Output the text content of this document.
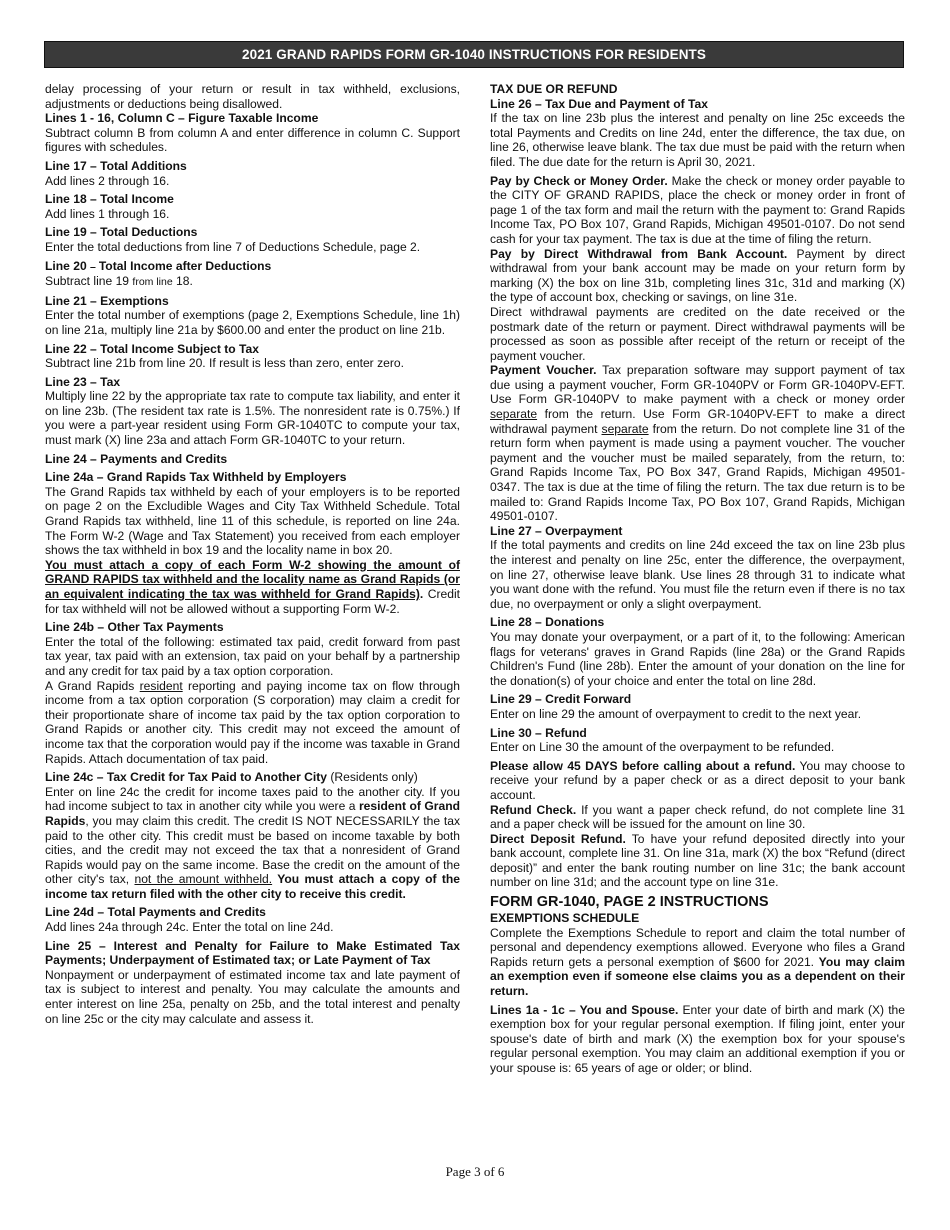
2021 GRAND RAPIDS FORM GR-1040 INSTRUCTIONS FOR RESIDENTS

delay processing of your return or result in tax withheld, exclusions, adjustments or deductions being disallowed.

Lines 1 - 16, Column C – Figure Taxable Income

Subtract column B from column A and enter difference in column C. Support figures with schedules.

Line 17 – Total Additions

Add lines 2 through 16.

Line 18 – Total Income

Add lines 1 through 16.

Line 19 – Total Deductions

Enter the total deductions from line 7 of Deductions Schedule, page 2.

Line 20 – Total Income after Deductions

Subtract line 19 from line 18.

Line 21 – Exemptions

Enter the total number of exemptions (page 2, Exemptions Schedule, line 1h) on line 21a, multiply line 21a by $600.00 and enter the product on line 21b.

Line 22 – Total Income Subject to Tax

Subtract line 21b from line 20. If result is less than zero, enter zero.

Line 23 – Tax

Multiply line 22 by the appropriate tax rate to compute tax liability, and enter it on line 23b. (The resident tax rate is 1.5%. The nonresident rate is 0.75%.) If you were a part-year resident using Form GR-1040TC to compute your tax, must mark (X) line 23a and attach Form GR-1040TC to your return.

Line 24 – Payments and Credits

Line 24a – Grand Rapids Tax Withheld by Employers

The Grand Rapids tax withheld by each of your employers is to be reported on page 2 on the Excludible Wages and City Tax Withheld Schedule. Total Grand Rapids tax withheld, line 11 of this schedule, is reported on line 24a. The Form W-2 (Wage and Tax Statement) you received from each employer shows the tax withheld in box 19 and the locality name in box 20.

You must attach a copy of each Form W-2 showing the amount of GRAND RAPIDS tax withheld and the locality name as Grand Rapids (or an equivalent indicating the tax was withheld for Grand Rapids). Credit for tax withheld will not be allowed without a supporting Form W-2.

Line 24b – Other Tax Payments

Enter the total of the following: estimated tax paid, credit forward from past tax year, tax paid with an extension, tax paid on your behalf by a partnership and any credit for tax paid by a tax option corporation.

A Grand Rapids resident reporting and paying income tax on flow through income from a tax option corporation (S corporation) may claim a credit for their proportionate share of income tax paid by the tax option corporation to Grand Rapids or another city. This credit may not exceed the amount of income tax that the corporation would pay if the income was taxable in Grand Rapids. Attach documentation of tax paid.

Line 24c – Tax Credit for Tax Paid to Another City (Residents only)

Enter on line 24c the credit for income taxes paid to the another city. If you had income subject to tax in another city while you were a resident of Grand Rapids, you may claim this credit. The credit IS NOT NECESSARILY the tax paid to the other city. This credit must be based on income taxable by both cities, and the credit may not exceed the tax that a nonresident of Grand Rapids would pay on the same income. Base the credit on the amount of the other city's tax, not the amount withheld. You must attach a copy of the income tax return filed with the other city to receive this credit.

Line 24d – Total Payments and Credits

Add lines 24a through 24c. Enter the total on line 24d.

Line 25 – Interest and Penalty for Failure to Make Estimated Tax Payments; Underpayment of Estimated tax; or Late Payment of Tax

Nonpayment or underpayment of estimated income tax and late payment of tax is subject to interest and penalty. You may calculate the amounts and enter interest on line 25a, penalty on 25b, and the total interest and penalty on line 25c or the city may calculate and assess it.

TAX DUE OR REFUND

Line 26 – Tax Due and Payment of Tax

If the tax on line 23b plus the interest and penalty on line 25c exceeds the total Payments and Credits on line 24d, enter the difference, the tax due, on line 26, otherwise leave blank. The tax due must be paid with the return when filed. The due date for the return is April 30, 2021.

Pay by Check or Money Order. Make the check or money order payable to the CITY OF GRAND RAPIDS, place the check or money order in front of page 1 of the tax form and mail the return with the payment to: Grand Rapids Income Tax, PO Box 107, Grand Rapids, Michigan 49501-0107. Do not send cash for your tax payment. The tax is due at the time of filing the return.

Pay by Direct Withdrawal from Bank Account. Payment by direct withdrawal from your bank account may be made on your return form by marking (X) the box on line 31b, completing lines 31c, 31d and marking (X) the type of account box, checking or savings, on line 31e.

Direct withdrawal payments are credited on the date received or the postmark date of the return or payment. Direct withdrawal payments will be processed as soon as possible after receipt of the return or receipt of the payment voucher.

Payment Voucher. Tax preparation software may support payment of tax due using a payment voucher, Form GR-1040PV or Form GR-1040PV-EFT. Use Form GR-1040PV to make payment with a check or money order separate from the return. Use Form GR-1040PV-EFT to make a direct withdrawal payment separate from the return. Do not complete line 31 of the return form when payment is made using a payment voucher. The voucher payment and the voucher must be mailed separately, from the return, to: Grand Rapids Income Tax, PO Box 347, Grand Rapids, Michigan 49501-0347. The tax is due at the time of filing the return. The tax due return is to be mailed to: Grand Rapids Income Tax, PO Box 107, Grand Rapids, Michigan 49501-0107.

Line 27 – Overpayment

If the total payments and credits on line 24d exceed the tax on line 23b plus the interest and penalty on line 25c, enter the difference, the overpayment, on line 27, otherwise leave blank. Use lines 28 through 31 to indicate what you want done with the refund. You must file the return even if there is no tax due, no overpayment or only a slight overpayment.

Line 28 – Donations

You may donate your overpayment, or a part of it, to the following: American flags for veterans' graves in Grand Rapids (line 28a) or the Grand Rapids Children's Fund (line 28b). Enter the amount of your donation on the line for the donation(s) of your choice and enter the total on line 28d.

Line 29 – Credit Forward

Enter on line 29 the amount of overpayment to credit to the next year.

Line 30 – Refund

Enter on Line 30 the amount of the overpayment to be refunded.

Please allow 45 DAYS before calling about a refund. You may choose to receive your refund by a paper check or as a direct deposit to your bank account.

Refund Check. If you want a paper check refund, do not complete line 31 and a paper check will be issued for the amount on line 30.

Direct Deposit Refund. To have your refund deposited directly into your bank account, complete line 31. On line 31a, mark (X) the box “Refund (direct deposit)” and enter the bank routing number on line 31c; the bank account number on line 31d; and the account type on line 31e.

FORM GR-1040, PAGE 2 INSTRUCTIONS

EXEMPTIONS SCHEDULE

Complete the Exemptions Schedule to report and claim the total number of personal and dependency exemptions allowed. Everyone who files a Grand Rapids return gets a personal exemption of $600 for 2021. You may claim an exemption even if someone else claims you as a dependent on their return.

Lines 1a - 1c – You and Spouse. Enter your date of birth and mark (X) the exemption box for your regular personal exemption. If filing joint, enter your spouse's date of birth and mark (X) the exemption box for your spouse's regular personal exemption. You may claim an additional exemption if you or your spouse is: 65 years of age or older; or blind.

Page 3 of 6
